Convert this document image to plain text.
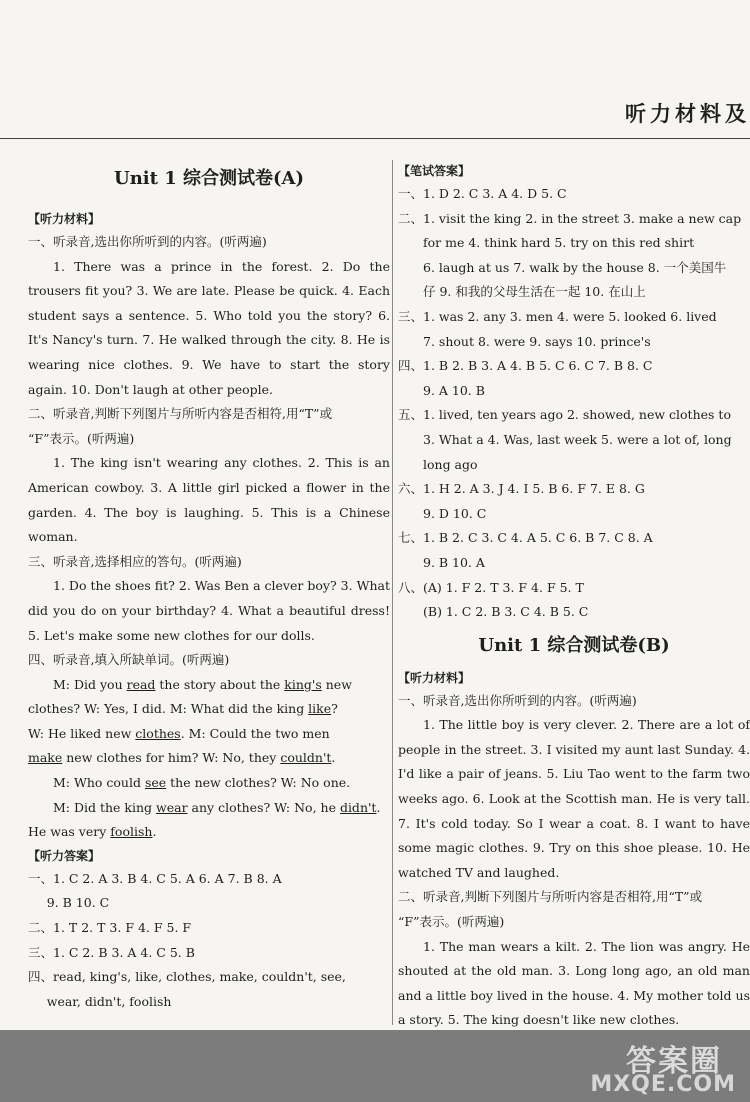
听力材料及
Unit 1 综合测试卷(A)
【听力材料】
一、听录音,选出你所听到的内容。(听两遍)
1. There was a prince in the forest. 2. Do the trousers fit you? 3. We are late. Please be quick. 4. Each student says a sentence. 5. Who told you the story? 6. It's Nancy's turn. 7. He walked through the city. 8. He is wearing nice clothes. 9. We have to start the story again. 10. Don't laugh at other people.
二、听录音,判断下列图片与所听内容是否相符,用“T”或
“F”表示。(听两遍)
1. The king isn't wearing any clothes. 2. This is an American cowboy. 3. A little girl picked a flower in the garden. 4. The boy is laughing. 5. This is a Chinese woman.
三、听录音,选择相应的答句。(听两遍)
1. Do the shoes fit? 2. Was Ben a clever boy? 3. What did you do on your birthday? 4. What a beautiful dress! 5. Let's make some new clothes for our dolls.
四、听录音,填入所缺单词。(听两遍)
M: Did you read the story about the king's new
clothes? W: Yes, I did. M: What did the king like?
W: He liked new clothes. M: Could the two men
make new clothes for him? W: No, they couldn't.
M: Who could see the new clothes? W: No one.
M: Did the king wear any clothes? W: No, he didn't.
He was very foolish.
【听力答案】
一、1. C 2. A 3. B 4. C 5. A 6. A 7. B 8. A
9. B 10. C
二、1. T 2. T 3. F 4. F 5. F
三、1. C 2. B 3. A 4. C 5. B
四、read, king's, like, clothes, make, couldn't, see,
wear, didn't, foolish
【笔试答案】
一、1. D 2. C 3. A 4. D 5. C
二、1. visit the king 2. in the street 3. make a new cap
for me 4. think hard 5. try on this red shirt
6. laugh at us 7. walk by the house 8. 一个美国牛
仔 9. 和我的父母生活在一起 10. 在山上
三、1. was 2. any 3. men 4. were 5. looked 6. lived
7. shout 8. were 9. says 10. prince's
四、1. B 2. B 3. A 4. B 5. C 6. C 7. B 8. C
9. A 10. B
五、1. lived, ten years ago 2. showed, new clothes to
3. What a 4. Was, last week 5. were a lot of, long
long ago
六、1. H 2. A 3. J 4. I 5. B 6. F 7. E 8. G
9. D 10. C
七、1. B 2. C 3. C 4. A 5. C 6. B 7. C 8. A
9. B 10. A
八、(A) 1. F 2. T 3. F 4. F 5. T
(B) 1. C 2. B 3. C 4. B 5. C
Unit 1 综合测试卷(B)
【听力材料】
一、听录音,选出你所听到的内容。(听两遍)
1. The little boy is very clever. 2. There are a lot of people in the street. 3. I visited my aunt last Sunday. 4. I'd like a pair of jeans. 5. Liu Tao went to the farm two weeks ago. 6. Look at the Scottish man. He is very tall. 7. It's cold today. So I wear a coat. 8. I want to have some magic clothes. 9. Try on this shoe please. 10. He watched TV and laughed.
二、听录音,判断下列图片与所听内容是否相符,用“T”或
“F”表示。(听两遍)
1. The man wears a kilt. 2. The lion was angry. He shouted at the old man. 3. Long long ago, an old man and a little boy lived in the house. 4. My mother told us a story. 5. The king doesn't like new clothes.
答案圈
MXQE.COM
